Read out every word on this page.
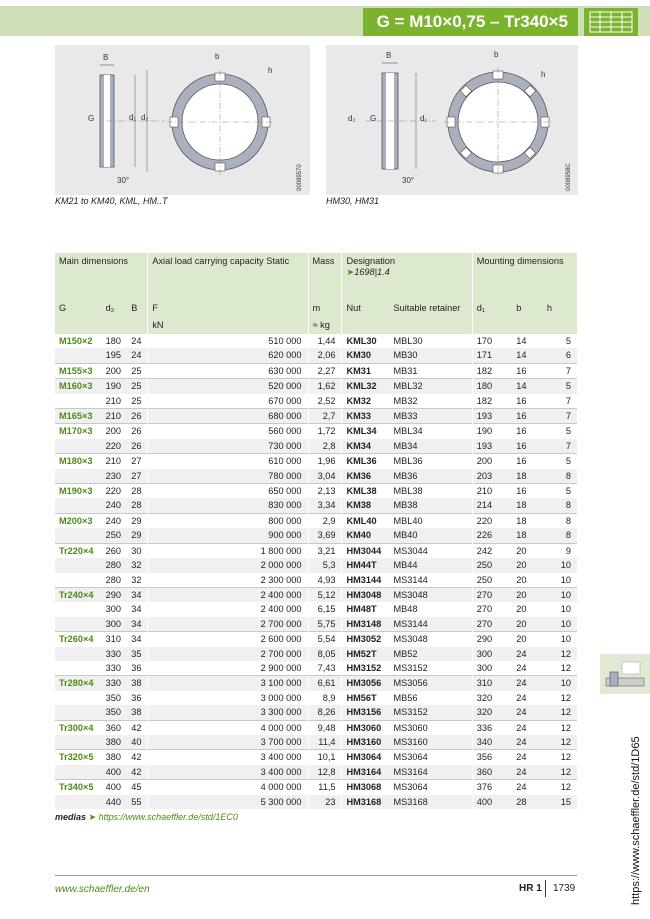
G = M10×0,75 – Tr340×5
B
G	d₁ d₂
30°
b
h
00089570
KM21 to KM40, KML, HM..T
B
d₂ G	d₁
30°
b
h
0008958C
HM30, HM31
Main dimensions			Axial load carrying capacity Static	Mass	Designation
➤1698|1.4		Mounting dimensions		
G	d₂	B	F	m	Nut	Suitable retainer	d₁	b	h
			kN	≈ kg					
M150×2	180	24	510 000	1,44	KML30	MBL30	170	14	5
	195	24	620 000	2,06	KM30	MB30	171	14	6
M155×3	200	25	630 000	2,27	KM31	MB31	182	16	7
M160×3	190	25	520 000	1,62	KML32	MBL32	180	14	5
	210	25	670 000	2,52	KM32	MB32	182	16	7
M165×3	210	26	680 000	2,7	KM33	MB33	193	16	7
M170×3	200	26	560 000	1,72	KML34	MBL34	190	16	5
	220	26	730 000	2,8	KM34	MB34	193	16	7
M180×3	210	27	610 000	1,96	KML36	MBL36	200	16	5
	230	27	780 000	3,04	KM36	MB36	203	18	8
M190×3	220	28	650 000	2,13	KML38	MBL38	210	16	5
	240	28	830 000	3,34	KM38	MB38	214	18	8
M200×3	240	29	800 000	2,9	KML40	MBL40	220	18	8
	250	29	900 000	3,69	KM40	MB40	226	18	8
Tr220×4	260	30	1 800 000	3,21	HM3044	MS3044	242	20	9
	280	32	2 000 000	5,3	HM44T	MB44	250	20	10
	280	32	2 300 000	4,93	HM3144	MS3144	250	20	10
Tr240×4	290	34	2 400 000	5,12	HM3048	MS3048	270	20	10
	300	34	2 400 000	6,15	HM48T	MB48	270	20	10
	300	34	2 700 000	5,75	HM3148	MS3144	270	20	10
Tr260×4	310	34	2 600 000	5,54	HM3052	MS3048	290	20	10
	330	35	2 700 000	8,05	HM52T	MB52	300	24	12
	330	36	2 900 000	7,43	HM3152	MS3152	300	24	12
Tr280×4	330	38	3 100 000	6,61	HM3056	MS3056	310	24	10
	350	36	3 000 000	8,9	HM56T	MB56	320	24	12
	350	38	3 300 000	8,26	HM3156	MS3152	320	24	12
Tr300×4	360	42	4 000 000	9,48	HM3060	MS3060	336	24	12
	380	40	3 700 000	11,4	HM3160	MS3160	340	24	12
Tr320×5	380	42	3 400 000	10,1	HM3064	MS3064	356	24	12
	400	42	3 400 000	12,8	HM3164	MS3164	360	24	12
Tr340×5	400	45	4 000 000	11,5	HM3068	MS3064	376	24	12
	440	55	5 300 000	23	HM3168	MS3168	400	28	15
medias ➤ https://www.schaeffler.de/std/1EC0
www.schaeffler.de/en	HR 1 1739	https://www.schaeffler.de/std/1D65
